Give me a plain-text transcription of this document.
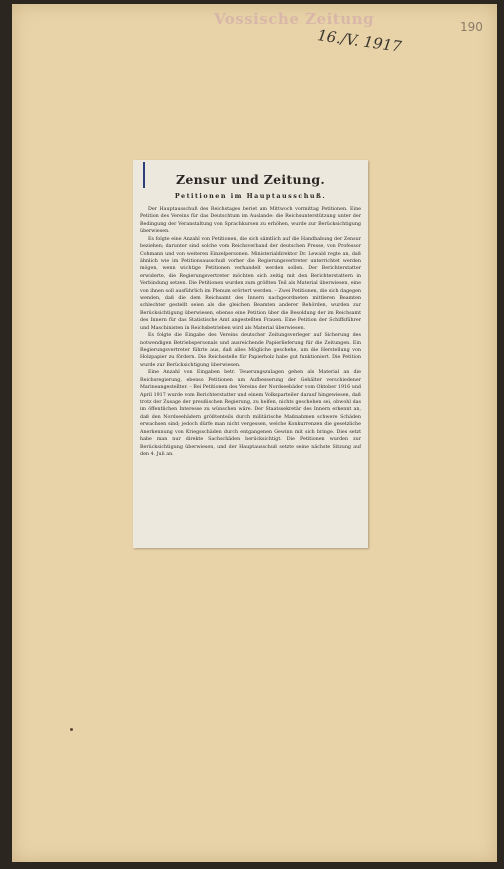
Vossische Zeitung
16./V. 1917	190
Zensur und Zeitung.
Petitionen im Hauptausschuß.

Der Hauptausschuß des Reichstages beriet am Mittwoch vormittag Petitionen. Eine Petition des Vereins für das Deutschtum im Auslande: die Reichsunterstützung unter der Bedingung der Veranstaltung von Sprachkursen zu erhöhen, wurde zur Berücksichtigung überwiesen.

Es folgte eine Anzahl von Petitionen, die sich sämtlich auf die Handhabung der Zensur beziehen; darunter sind solche vom Reichsverband der deutschen Presse, von Professor Cohmann und von weiteren Einzelpersonen. Ministerialdirektor Dr. Lewald regte an, daß ähnlich wie im Petitionsausschuß vorher die Regierungsvertreter unterrichtet werden mögen, wenn wichtige Petitionen verhandelt werden sollen. Der Berichterstatter erwiderte, die Regierungsvertreter möchten sich zeitig mit den Berichterstattern in Verbindung setzen. Die Petitionen wurden zum größten Teil als Material überwiesen, eine von ihnen soll ausführlich im Plenum erörtert werden. – Zwei Petitionen, die sich dagegen wenden, daß die dem Reichsamt des Innern nachgeordneten mittleren Beamten schlechter gestellt seien als die gleichen Beamten anderer Behörden, wurden zur Berücksichtigung überwiesen, ebenso eine Petition über die Besoldung der im Reichsamt des Innern für das Statistische Amt angestellten Frauen. Eine Petition der Schiffsführer und Maschinisten in Reichsbetrieben wird als Material überwiesen.

Es folgte die Eingabe des Vereins deutscher Zeitungsverleger auf Sicherung des notwendigen Betriebspersonals und ausreichende Papierlieferung für die Zeitungen. Ein Regierungsvertreter führte aus, daß alles Mögliche geschehe, um die Herstellung von Holzpapier zu fördern. Die Reichsstelle für Papierholz habe gut funktioniert. Die Petition wurde zur Berücksichtigung überwiesen.

Eine Anzahl von Eingaben betr. Teuerungszulagen gehen als Material an die Reichsregierung, ebenso Petitionen um Aufbesserung der Gehälter verschiedener Marineangestellter. – Bei Petitionen des Vereins der Nordseebäder vom Oktober 1916 und April 1917 wurde vom Berichterstatter und einem Volksparteiler darauf hingewiesen, daß trotz der Zusage der preußischen Regierung, zu helfen, nichts geschehen sei, obwohl das im öffentlichen Interesse zu wünschen wäre. Der Staatssekretär des Innern erkennt an, daß den Nordseebädern größtenteils durch militärische Maßnahmen schwere Schäden erwachsen sind; jedoch dürfe man nicht vergessen, welche Konkurrenzen die gesetzliche Anerkennung von Kriegsschäden durch entgangenen Gewinn mit sich bringe. Dies setzt habe man nur direkte Sachschäden berücksichtigt. Die Petitionen wurden zur Berücksichtigung überwiesen, und der Hauptausschuß setzte seine nächste Sitzung auf den 4. Juli an.
